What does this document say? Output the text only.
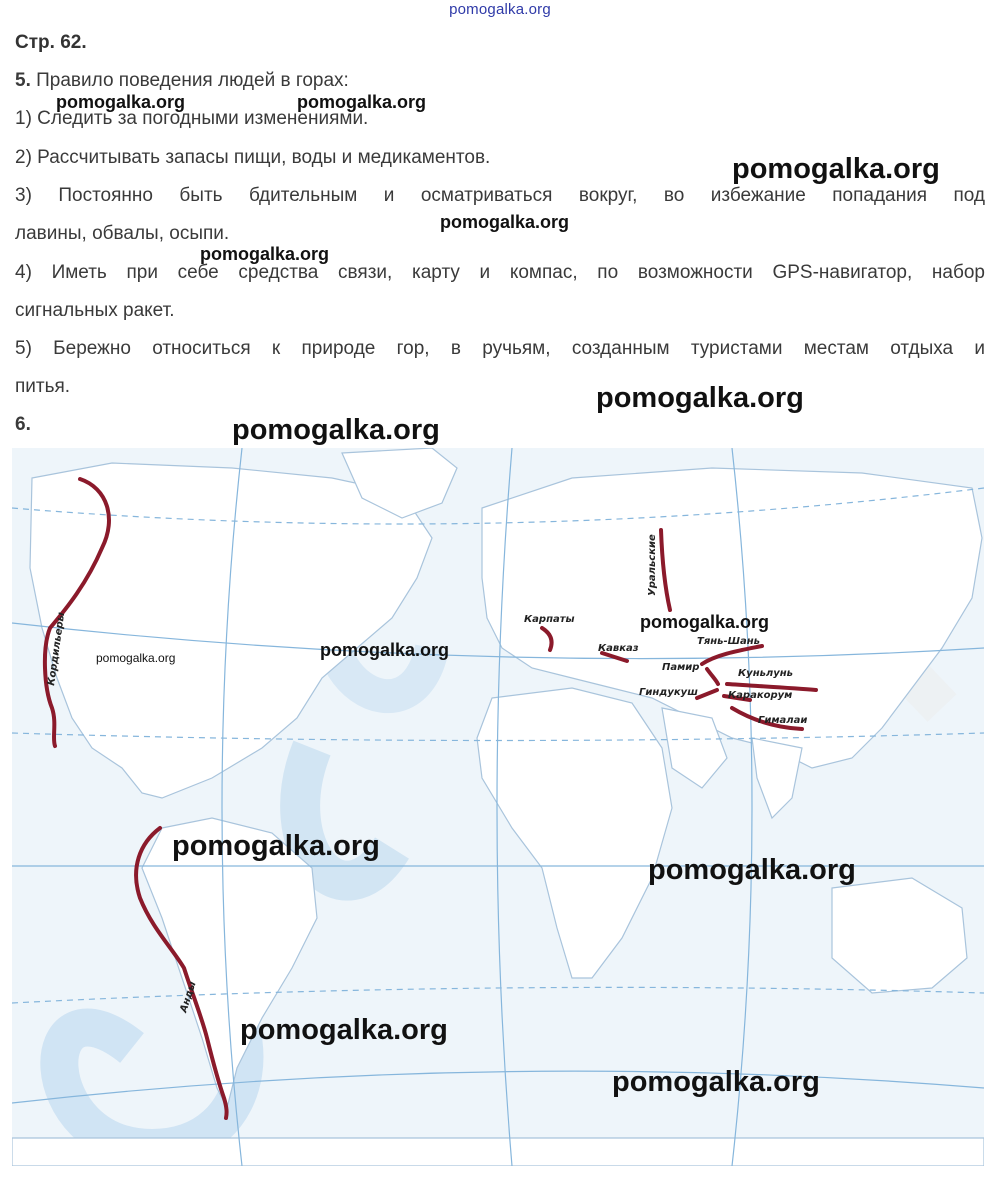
pomogalka.org
Стр. 62.
5. Правило поведения людей в горах:
1) Следить за погодными изменениями.
2) Рассчитывать запасы пищи, воды и медикаментов.
3) Постоянно быть бдительным и осматриваться вокруг, во избежание попадания под
лавины, обвалы, осыпи.
4) Иметь при себе средства связи, карту и компас, по возможности GPS-навигатор, набор
сигнальных ракет.
5) Бережно относиться к природе гор, в ручьям, созданным туристами местам отдыха и
питья.
6.
Кордильеры
Анды
Карпаты
Уральские
Кавказ
Тянь-Шань
Памир
Куньлунь
Гиндукуш	Каракорум
Гималаи
pomogalka.org	pomogalka.org
pomogalka.org
pomogalka.org
pomogalka.org
pomogalka.org
pomogalka.org
pomogalka.org
pomogalka.org
pomogalka.org
pomogalka.org
pomogalka.org
pomogalka.org
pomogalka.org
